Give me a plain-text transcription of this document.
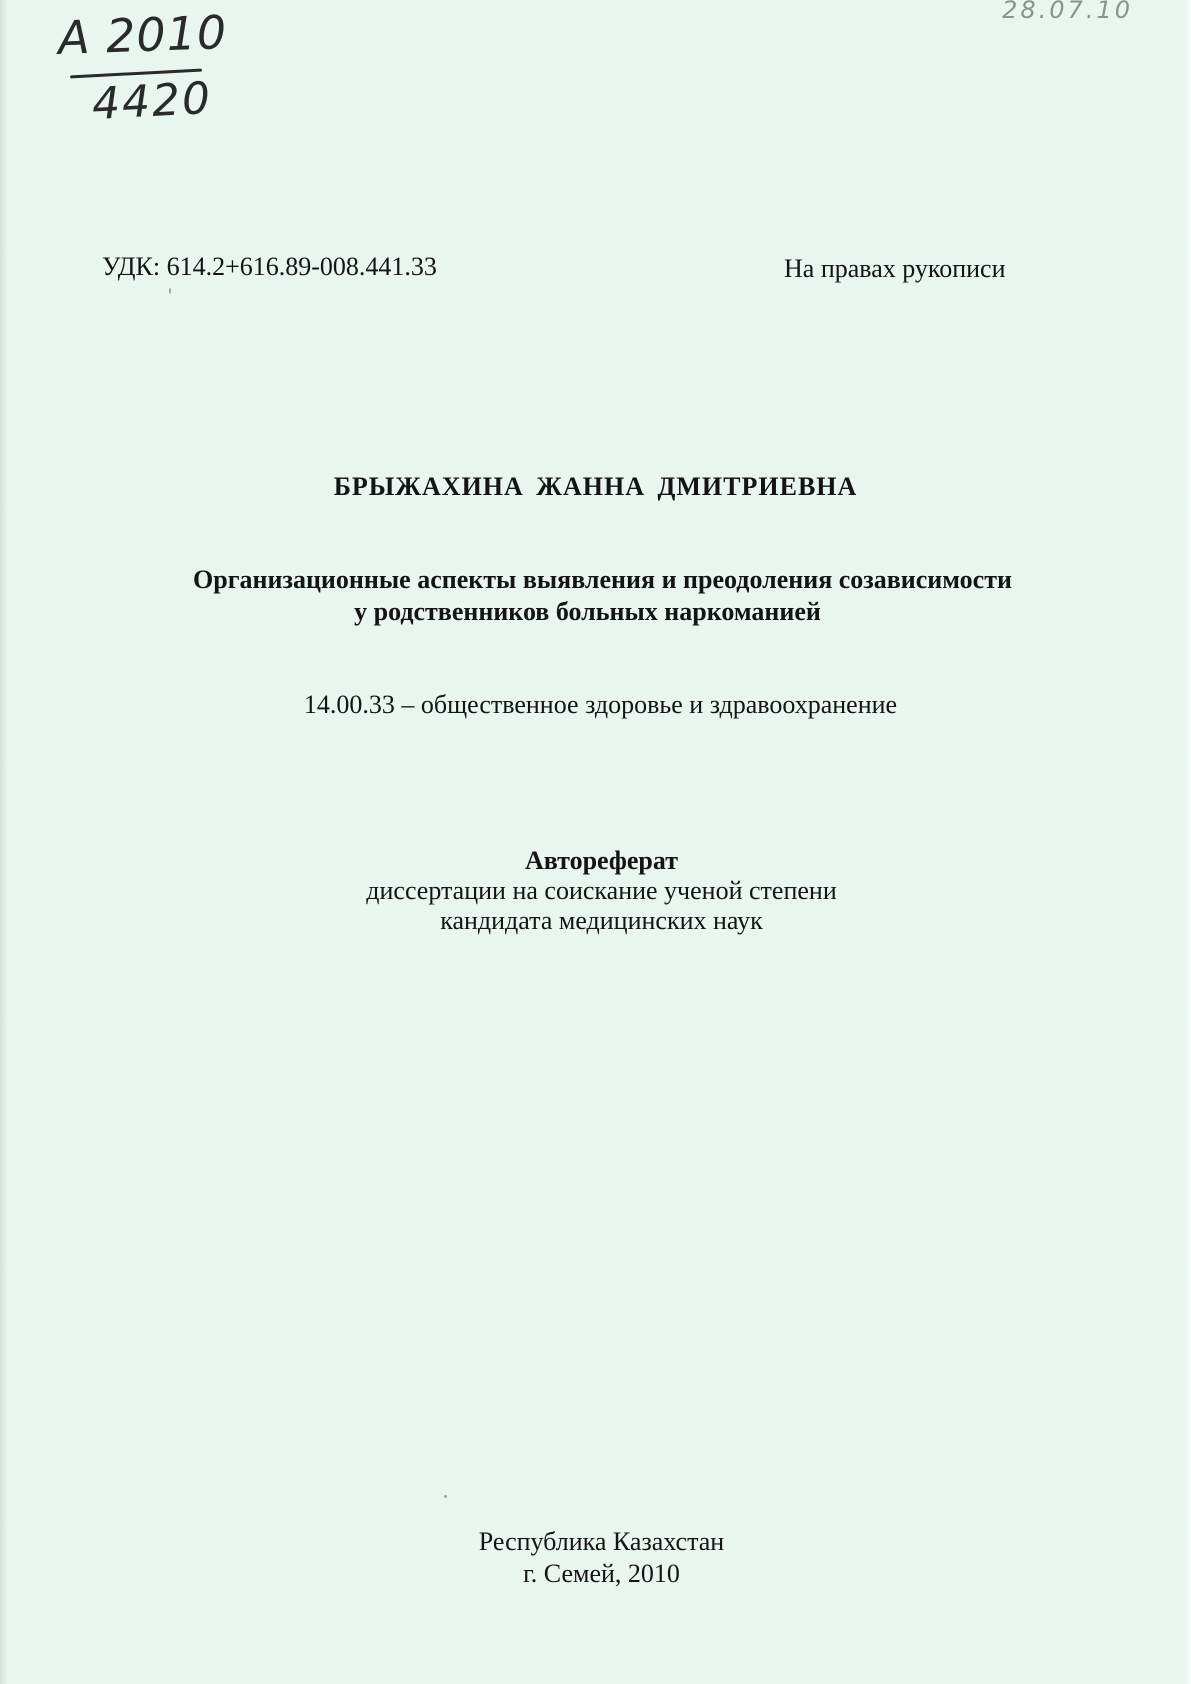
A 2010
4420
28.07.10
УДК: 614.2+616.89-008.441.33	На правах рукописи
БРЫЖАХИНА ЖАННА ДМИТРИЕВНА
Организационные аспекты выявления и преодоления созависимости
у родственников больных наркоманией
14.00.33 – общественное здоровье и здравоохранение
Автореферат
диссертации на соискание ученой степени
кандидата медицинских наук
Республика Казахстан
г. Семей, 2010
